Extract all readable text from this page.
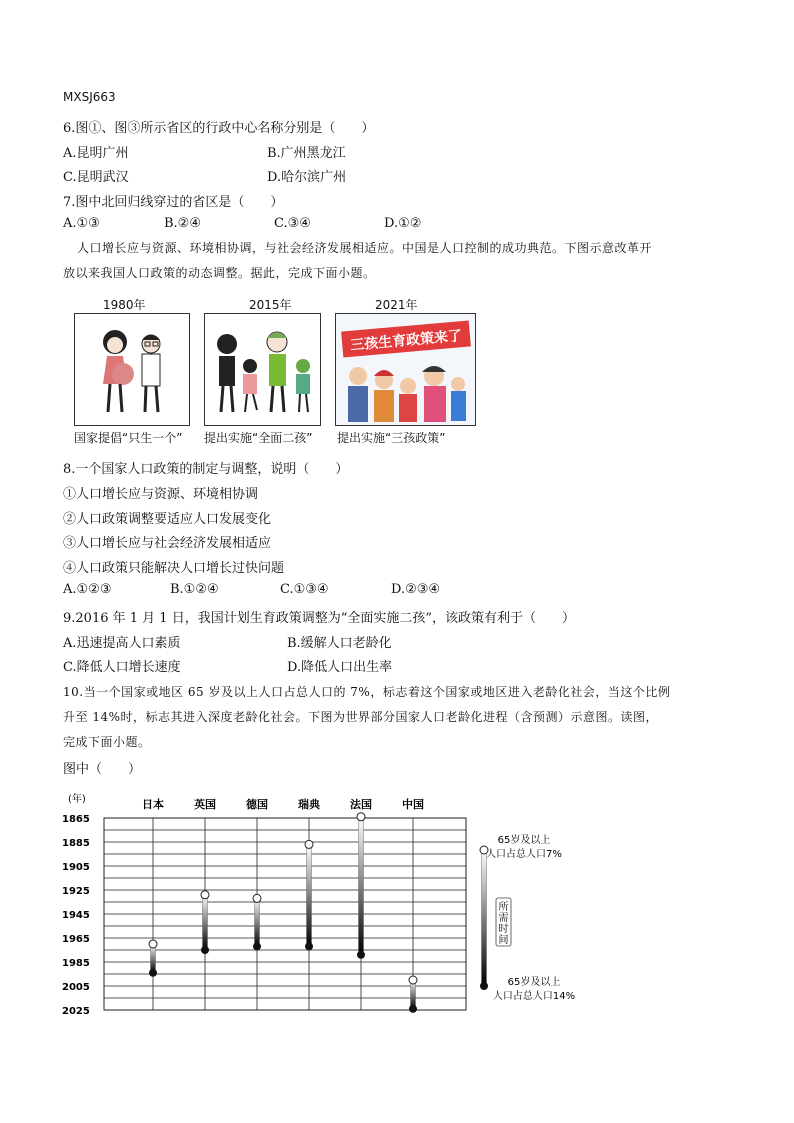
MXSJ663
6.图①、图③所示省区的行政中心名称分别是（　　）
A.昆明广州	B.广州黑龙江
C.昆明武汉	D.哈尔滨广州
7.图中北回归线穿过的省区是（　　）
A.①③	B.②④	C.③④	D.①②
人口增长应与资源、环境相协调，与社会经济发展相适应。中国是人口控制的成功典范。下图示意改革开
放以来我国人口政策的动态调整。据此，完成下面小题。
1980年	2015年	2021年
三孩生育政策来了
国家提倡“只生一个” 提出实施“全面二孩” 提出实施“三孩政策”
8.一个国家人口政策的制定与调整，说明（　　）
①人口增长应与资源、环境相协调
②人口政策调整要适应人口发展变化
③人口增长应与社会经济发展相适应
④人口政策只能解决人口增长过快问题
A.①②③	B.①②④	C.①③④	D.②③④
9.2016 年 1 月 1 日，我国计划生育政策调整为“全面实施二孩”，该政策有利于（　　）
A.迅速提高人口素质	B.缓解人口老龄化
C.降低人口增长速度	D.降低人口出生率
10.当一个国家或地区 65 岁及以上人口占总人口的 7%，标志着这个国家或地区进入老龄化社会，当这个比例
升至 14%时，标志其进入深度老龄化社会。下图为世界部分国家人口老龄化进程（含预测）示意图。读图，
完成下面小题。
图中（　　）
(年)
1865
1885
1905
1925
1945
1965
1985
2005
2025
日本	英国	德国	瑞典	法国	中国
65岁及以上
人口占总人口7%
65岁及以上
人口占总人口14%
所
需
时
间
